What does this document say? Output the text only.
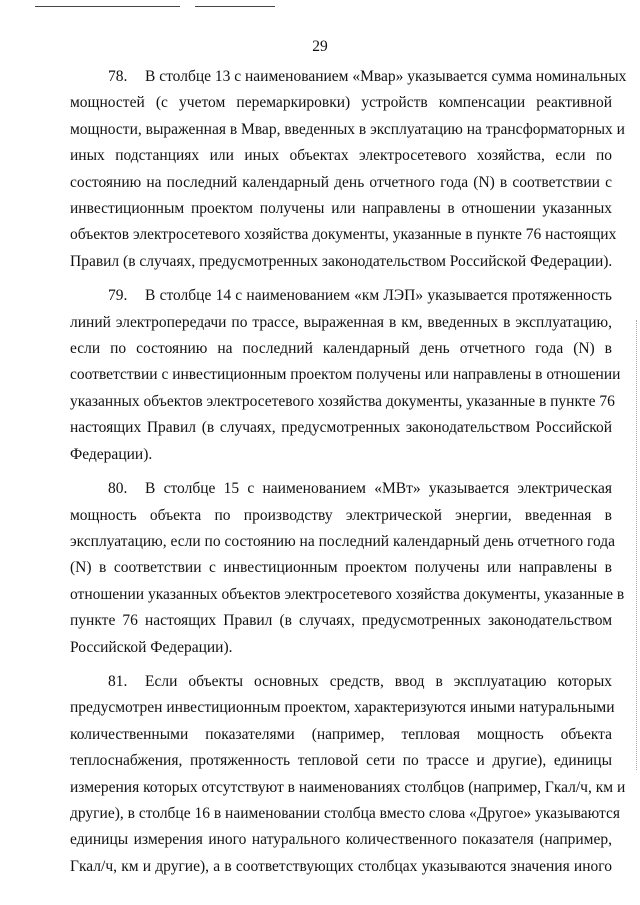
29
78. В столбце 13 с наименованием «Мвар» указывается сумма номинальных
мощностей (с учетом перемаркировки) устройств компенсации реактивной
мощности, выраженная в Мвар, введенных в эксплуатацию на трансформаторных и
иных подстанциях или иных объектах электросетевого хозяйства, если по
состоянию на последний календарный день отчетного года (N) в соответствии с
инвестиционным проектом получены или направлены в отношении указанных
объектов электросетевого хозяйства документы, указанные в пункте 76 настоящих
Правил (в случаях, предусмотренных законодательством Российской Федерации).
79. В столбце 14 с наименованием «км ЛЭП» указывается протяженность
линий электропередачи по трассе, выраженная в км, введенных в эксплуатацию,
если по состоянию на последний календарный день отчетного года (N) в
соответствии с инвестиционным проектом получены или направлены в отношении
указанных объектов электросетевого хозяйства документы, указанные в пункте 76
настоящих Правил (в случаях, предусмотренных законодательством Российской
Федерации).
80. В столбце 15 с наименованием «МВт» указывается электрическая
мощность объекта по производству электрической энергии, введенная в
эксплуатацию, если по состоянию на последний календарный день отчетного года
(N) в соответствии с инвестиционным проектом получены или направлены в
отношении указанных объектов электросетевого хозяйства документы, указанные в
пункте 76 настоящих Правил (в случаях, предусмотренных законодательством
Российской Федерации).
81. Если объекты основных средств, ввод в эксплуатацию которых
предусмотрен инвестиционным проектом, характеризуются иными натуральными
количественными показателями (например, тепловая мощность объекта
теплоснабжения, протяженность тепловой сети по трассе и другие), единицы
измерения которых отсутствуют в наименованиях столбцов (например, Гкал/ч, км и
другие), в столбце 16 в наименовании столбца вместо слова «Другое» указываются
единицы измерения иного натурального количественного показателя (например,
Гкал/ч, км и другие), а в соответствующих столбцах указываются значения иного
